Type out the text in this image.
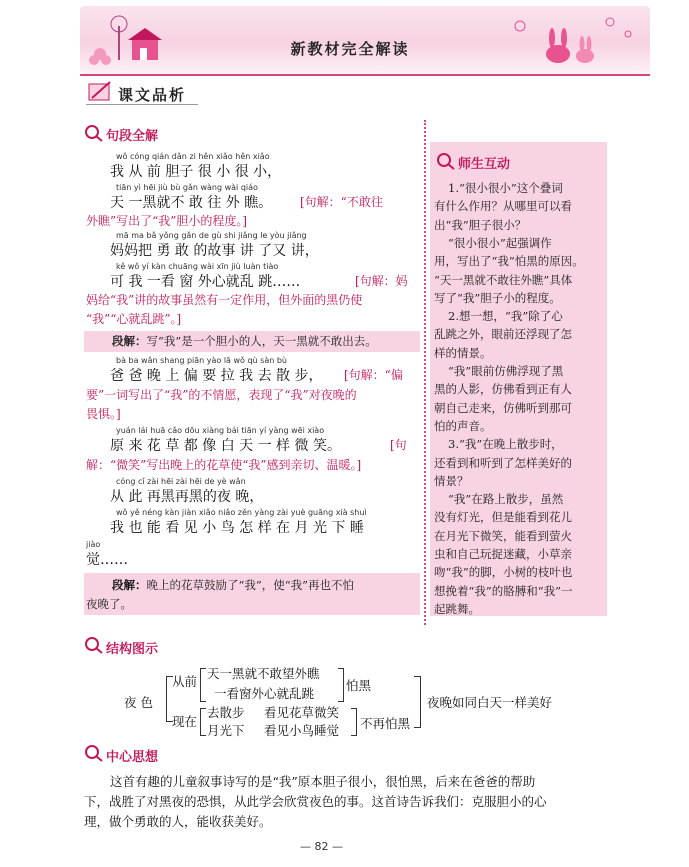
新教材完全解读
课文品析
句段全解
wǒ cóng qián dǎn zi hěn xiǎo hěn xiǎo
我 从 前 胆子 很 小 很 小，
tiān yì hēi jiù bù gǎn wàng wài qiáo
天 一黑就不 敢 往 外 瞧。 [句解：“不敢往
外瞧”写出了“我”胆小的程度。]
mā ma bǎ yǒng gǎn de gù shi jiǎng le yòu jiǎng
妈妈把 勇 敢 的故事 讲 了又 讲，
kě wǒ yí kàn chuāng wài xīn jiù luàn tiào
可 我 一看 窗 外心就乱 跳……	[句解：妈
妈给“我”讲的故事虽然有一定作用，但外面的黑仍使
“我”“心就乱跳”。]
段解：写“我”是一个胆小的人，天一黑就不敢出去。
bà ba wǎn shang piān yào lā wǒ qù sàn bù
爸 爸 晚 上 偏 要 拉 我 去 散 步， [句解：“偏
要”一词写出了“我”的不情愿，表现了“我”对夜晚的
畏惧。]
yuán lái huā cǎo dōu xiàng bái tiān yí yàng wēi xiào
原 来 花 草 都 像 白 天 一 样 微 笑。	[句
解：“微笑”写出晚上的花草使“我”感到亲切、温暖。]
cóng cǐ zài hēi zài hēi de yè wǎn
从 此 再黑再黑的夜 晚，
wǒ yě néng kàn jiàn xiǎo niǎo zěn yàng zài yuè guāng xià shuì
我 也 能 看 见 小 鸟 怎 样 在 月 光 下 睡
jiào
觉……
段解：晚上的花草鼓励了“我”，使“我”再也不怕
夜晚了。
师生互动
1.“很小很小”这个叠词
有什么作用？从哪里可以看
出“我”胆子很小？
“很小很小”起强调作
用，写出了“我”怕黑的原因。
“天一黑就不敢往外瞧”具体
写了“我”胆子小的程度。
2.想一想，“我”除了心
乱跳之外，眼前还浮现了怎
样的情景。
“我”眼前仿佛浮现了黑
黑的人影，仿佛看到正有人
朝自己走来，仿佛听到那可
怕的声音。
3.“我”在晚上散步时，
还看到和听到了怎样美好的
情景？
“我”在路上散步，虽然
没有灯光，但是能看到花儿
在月光下微笑，能看到萤火
虫和自己玩捉迷藏，小草亲
吻“我”的脚，小树的枝叶也
想挽着“我”的胳膊和“我”一
起跳舞。
结构图示
夜 色
从前
现在
天一黑就不敢望外瞧
一看窗外心就乱跳
怕黑
去散步 看见花草微笑
月光下 看见小鸟睡觉 不再怕黑
夜晚如同白天一样美好
中心思想
这首有趣的儿童叙事诗写的是“我”原本胆子很小，很怕黑，后来在爸爸的帮助
下，战胜了对黑夜的恐惧，从此学会欣赏夜色的事。这首诗告诉我们：克服胆小的心
理，做个勇敢的人，能收获美好。
— 82 —
